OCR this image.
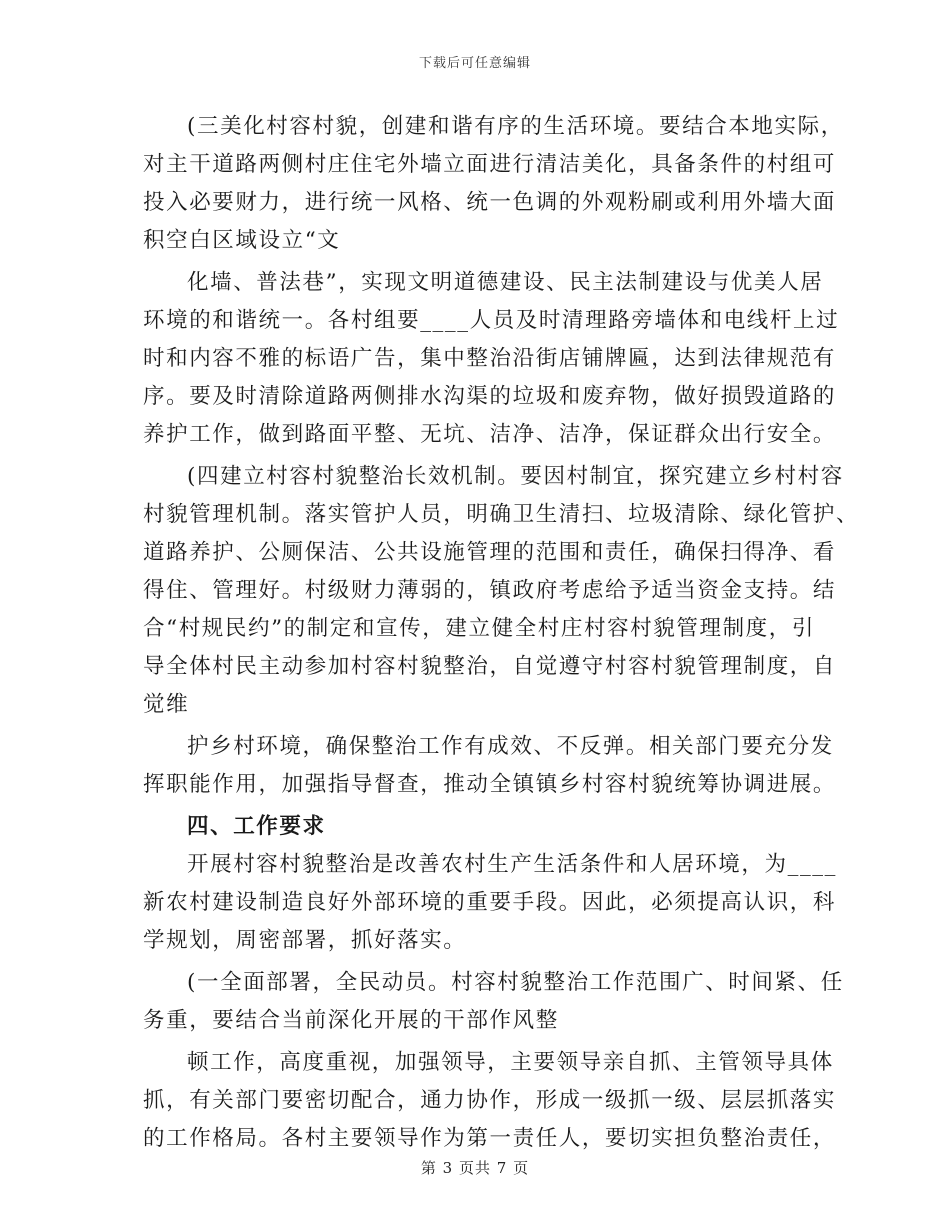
下载后可任意编辑
(三美化村容村貌，创建和谐有序的生活环境。要结合本地实际，
对主干道路两侧村庄住宅外墙立面进行清洁美化，具备条件的村组可
投入必要财力，进行统一风格、统一色调的外观粉刷或利用外墙大面
积空白区域设立“文
化墙、普法巷”，实现文明道德建设、民主法制建设与优美人居
环境的和谐统一。各村组要____人员及时清理路旁墙体和电线杆上过
时和内容不雅的标语广告，集中整治沿街店铺牌匾，达到法律规范有
序。要及时清除道路两侧排水沟渠的垃圾和废弃物，做好损毁道路的
养护工作，做到路面平整、无坑、洁净、洁净，保证群众出行安全。
(四建立村容村貌整治长效机制。要因村制宜，探究建立乡村村容
村貌管理机制。落实管护人员，明确卫生清扫、垃圾清除、绿化管护、
道路养护、公厕保洁、公共设施管理的范围和责任，确保扫得净、看
得住、管理好。村级财力薄弱的，镇政府考虑给予适当资金支持。结
合“村规民约”的制定和宣传，建立健全村庄村容村貌管理制度，引
导全体村民主动参加村容村貌整治，自觉遵守村容村貌管理制度，自
觉维
护乡村环境，确保整治工作有成效、不反弹。相关部门要充分发
挥职能作用，加强指导督查，推动全镇镇乡村容村貌统筹协调进展。
四、工作要求
开展村容村貌整治是改善农村生产生活条件和人居环境，为____
新农村建设制造良好外部环境的重要手段。因此，必须提高认识，科
学规划，周密部署，抓好落实。
(一全面部署，全民动员。村容村貌整治工作范围广、时间紧、任
务重，要结合当前深化开展的干部作风整
顿工作，高度重视，加强领导，主要领导亲自抓、主管领导具体
抓，有关部门要密切配合，通力协作，形成一级抓一级、层层抓落实
的工作格局。各村主要领导作为第一责任人，要切实担负整治责任，
第 3 页共 7 页
